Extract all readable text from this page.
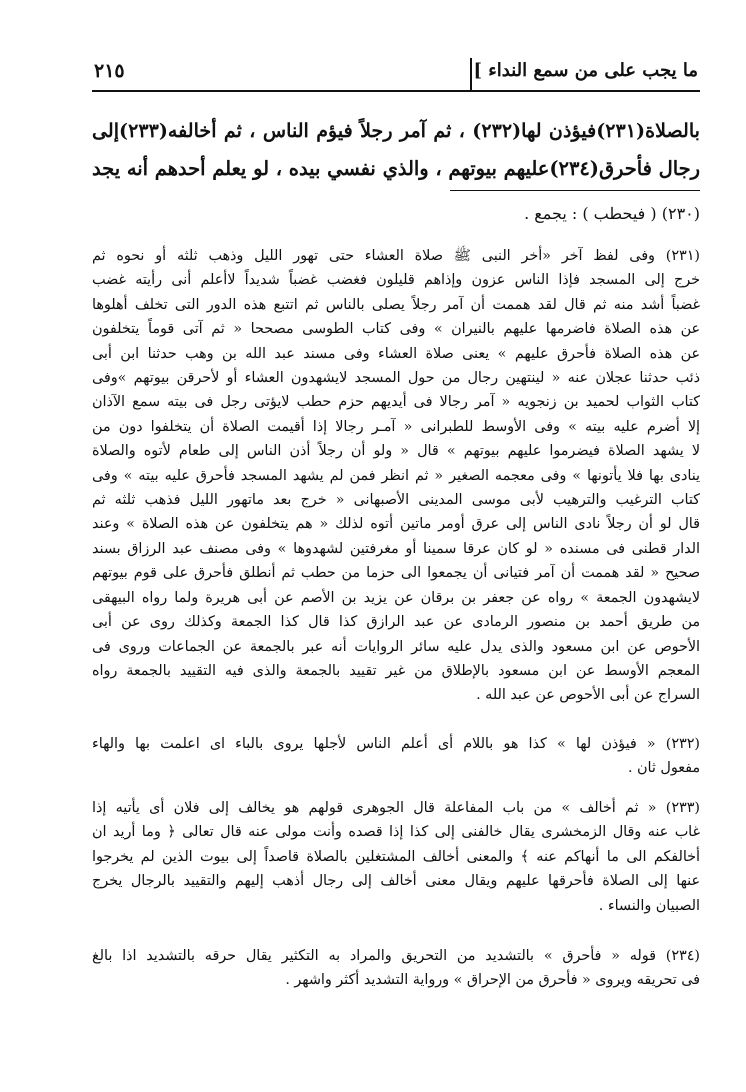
ما يجب على من سمع النداء ]
٢١٥

بالصلاة(٢٣١)فيؤذن لها(٢٣٢) ، ثم آمر رجلاً فيؤم الناس ، ثم أخالفه(٢٣٣)إلى

رجال فأحرق(٢٣٤)عليهم بيوتهم ، والذي نفسي بيده ، لو يعلم أحدهم أنه يجد

(٢٣٠) ( فيحطب ) : يجمع .

(٢٣١) وفى لفظ آخر «أخر النبى ﷺ صلاة العشاء حتى تهور الليل وذهب ثلثه أو نحوه ثم

خرج إلى المسجد فإذا الناس عزون وإذاهم قليلون فغضب غضباً شديداً لاأعلم أنى رأيته غضب

غضباً أشد منه ثم قال لقد هممت أن آمر رجلاً يصلى بالناس ثم اتتبع هذه الدور التى تخلف أهلوها

عن هذه الصلاة فاضرمها عليهم بالنيران » وفى كتاب الطوسى مصححا « ثم آتى قوماً يتخلفون

عن هذه الصلاة فأحرق عليهم » يعنى صلاة العشاء وفى مسند عبد الله بن وهب حدثنا ابن أبى

ذئب حدثنا عجلان عنه « لينتهين رجال من حول المسجد لايشهدون العشاء أو لأحرقن بيوتهم »وفى

كتاب الثواب لحميد بن زنجويه « آمر رجالا فى أيديهم حزم حطب لايؤتى رجل فى بيته سمع الآذان

إلا أضرم عليه بيته » وفى الأوسط للطبرانى « آمـر رجالا إذا أقيمت الصلاة أن يتخلفوا دون من

لا يشهد الصلاة فيضرموا عليهم بيوتهم » قال « ولو أن رجلاً أذن الناس إلى طعام لأتوه والصلاة

ينادى بها فلا يأتونها » وفى معجمه الصغير « ثم انظر فمن لم يشهد المسجد فأحرق عليه بيته » وفى

كتاب الترغيب والترهيب لأبى موسى المدينى الأصبهانى « خرج بعد ماتهور الليل فذهب ثلثه ثم

قال لو أن رجلاً نادى الناس إلى عرق أومر ماتين أتوه لذلك « هم يتخلفون عن هذه الصلاة » وعند

الدار قطنى فى مسنده « لو كان عرقا سمينا أو مغرفتين لشهدوها » وفى مصنف عبد الرزاق بسند

صحيح « لقد هممت أن آمر فتيانى أن يجمعوا الى حزما من حطب ثم أنطلق فأحرق على قوم بيوتهم

لايشهدون الجمعة » رواه عن جعفر بن برقان عن يزيد بن الأصم عن أبى هريرة ولما رواه البيهقى

من طريق أحمد بن منصور الرمادى عن عبد الرازق كذا قال كذا الجمعة وكذلك روى عن أبى

الأحوص عن ابن مسعود والذى يدل عليه سائر الروايات أنه عبر بالجمعة عن الجماعات وروى فى

المعجم الأوسط عن ابن مسعود بالإطلاق من غير تقييد بالجمعة والذى فيه التقييد بالجمعة رواه

السراج عن أبى الأحوص عن عبد الله .

(٢٣٢) « فيؤذن لها » كذا هو باللام أى أعلم الناس لأجلها يروى بالباء اى اعلمت بها والهاء

مفعول ثان .

(٢٣٣) « ثم أخالف » من باب المفاعلة قال الجوهرى قولهم هو يخالف إلى فلان أى يأتيه إذا

غاب عنه وقال الزمخشرى يقال خالفنى إلى كذا إذا قصده وأنت مولى عنه قال تعالى ﴿ وما أريد ان

أخالفكم الى ما أنهاكم عنه ﴾ والمعنى أخالف المشتغلين بالصلاة قاصداً إلى بيوت الذين لم يخرجوا

عنها إلى الصلاة فأحرقها عليهم ويقال معنى أخالف إلى رجال أذهب إليهم والتقييد بالرجال يخرج

الصبيان والنساء .

(٢٣٤) قوله « فأحرق » بالتشديد من التحريق والمراد به التكثير يقال حرقه بالتشديد اذا بالغ

فى تحريقه ويروى « فأحرق من الإحراق » ورواية التشديد أكثر واشهر .
